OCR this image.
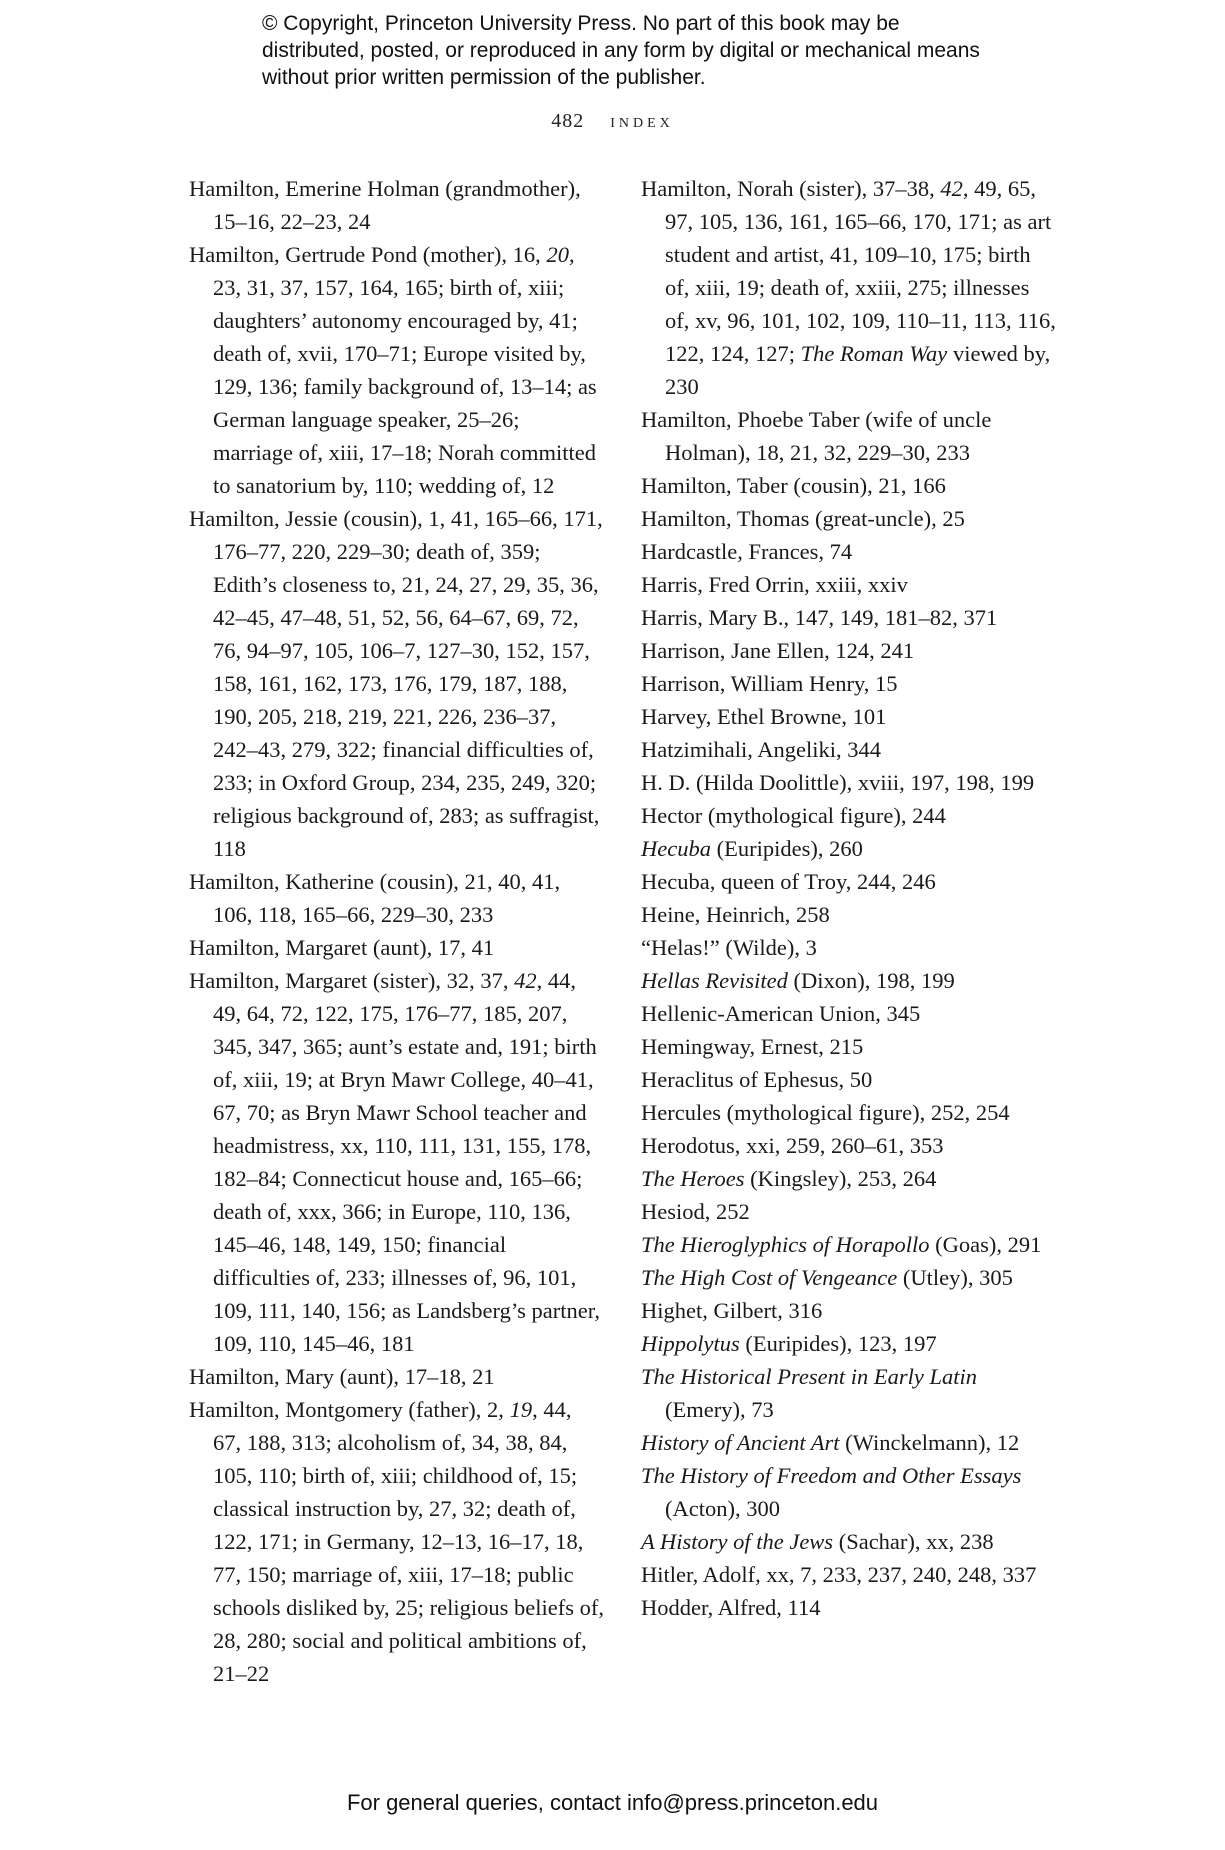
© Copyright, Princeton University Press. No part of this book may be distributed, posted, or reproduced in any form by digital or mechanical means without prior written permission of the publisher.
482 index

Hamilton, Emerine Holman (grandmother), 15–16, 22–23, 24

Hamilton, Gertrude Pond (mother), 16, 20, 23, 31, 37, 157, 164, 165; birth of, xiii; daughters’ autonomy encouraged by, 41; death of, xvii, 170–71; Europe visited by, 129, 136; family background of, 13–14; as German language speaker, 25–26; marriage of, xiii, 17–18; Norah committed to sanatorium by, 110; wedding of, 12

Hamilton, Jessie (cousin), 1, 41, 165–66, 171, 176–77, 220, 229–30; death of, 359; Edith’s closeness to, 21, 24, 27, 29, 35, 36, 42–45, 47–48, 51, 52, 56, 64–67, 69, 72, 76, 94–97, 105, 106–7, 127–30, 152, 157, 158, 161, 162, 173, 176, 179, 187, 188, 190, 205, 218, 219, 221, 226, 236–37, 242–43, 279, 322; financial difficulties of, 233; in Oxford Group, 234, 235, 249, 320; religious background of, 283; as suffragist, 118

Hamilton, Katherine (cousin), 21, 40, 41, 106, 118, 165–66, 229–30, 233

Hamilton, Margaret (aunt), 17, 41

Hamilton, Margaret (sister), 32, 37, 42, 44, 49, 64, 72, 122, 175, 176–77, 185, 207, 345, 347, 365; aunt’s estate and, 191; birth of, xiii, 19; at Bryn Mawr College, 40–41, 67, 70; as Bryn Mawr School teacher and headmistress, xx, 110, 111, 131, 155, 178, 182–84; Connecticut house and, 165–66; death of, xxx, 366; in Europe, 110, 136, 145–46, 148, 149, 150; financial difficulties of, 233; illnesses of, 96, 101, 109, 111, 140, 156; as Landsberg’s partner, 109, 110, 145–46, 181

Hamilton, Mary (aunt), 17–18, 21

Hamilton, Montgomery (father), 2, 19, 44, 67, 188, 313; alcoholism of, 34, 38, 84, 105, 110; birth of, xiii; childhood of, 15; classical instruction by, 27, 32; death of, 122, 171; in Germany, 12–13, 16–17, 18, 77, 150; marriage of, xiii, 17–18; public schools disliked by, 25; religious beliefs of, 28, 280; social and political ambitions of, 21–22

Hamilton, Norah (sister), 37–38, 42, 49, 65, 97, 105, 136, 161, 165–66, 170, 171; as art student and artist, 41, 109–10, 175; birth of, xiii, 19; death of, xxiii, 275; illnesses of, xv, 96, 101, 102, 109, 110–11, 113, 116, 122, 124, 127; The Roman Way viewed by, 230

Hamilton, Phoebe Taber (wife of uncle Holman), 18, 21, 32, 229–30, 233

Hamilton, Taber (cousin), 21, 166

Hamilton, Thomas (great-uncle), 25

Hardcastle, Frances, 74

Harris, Fred Orrin, xxiii, xxiv

Harris, Mary B., 147, 149, 181–82, 371

Harrison, Jane Ellen, 124, 241

Harrison, William Henry, 15

Harvey, Ethel Browne, 101

Hatzimihali, Angeliki, 344

H. D. (Hilda Doolittle), xviii, 197, 198, 199

Hector (mythological figure), 244

Hecuba (Euripides), 260

Hecuba, queen of Troy, 244, 246

Heine, Heinrich, 258

“Helas!” (Wilde), 3

Hellas Revisited (Dixon), 198, 199

Hellenic-American Union, 345

Hemingway, Ernest, 215

Heraclitus of Ephesus, 50

Hercules (mythological figure), 252, 254

Herodotus, xxi, 259, 260–61, 353

The Heroes (Kingsley), 253, 264

Hesiod, 252

The Hieroglyphics of Horapollo (Goas), 291

The High Cost of Vengeance (Utley), 305

Highet, Gilbert, 316

Hippolytus (Euripides), 123, 197

The Historical Present in Early Latin (Emery), 73

History of Ancient Art (Winckelmann), 12

The History of Freedom and Other Essays (Acton), 300

A History of the Jews (Sachar), xx, 238

Hitler, Adolf, xx, 7, 233, 237, 240, 248, 337

Hodder, Alfred, 114

For general queries, contact info@press.princeton.edu
